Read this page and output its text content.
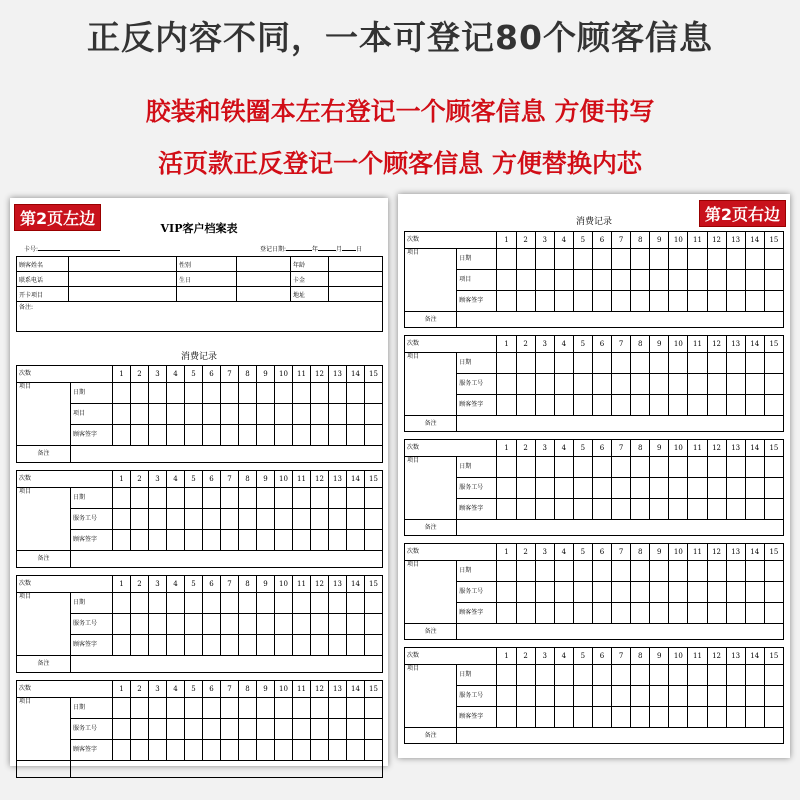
正反内容不同，一本可登记80个顾客信息
胶装和铁圈本左右登记一个顾客信息 方便书写
活页款正反登记一个顾客信息 方便替换内芯
第2页左边
VIP客户档案表
卡号:	登记日期:	年	月 日
顾客姓名		性别		年龄	
联系电话		生日		卡金	
开卡项目				地址	
备注:					
消费记录
次数		1	2	3	4	5	6	7	8	9	10	11	12	13	14	15
项目	日期															
	项目															
	顾客签字															
备注																
次数		1	2	3	4	5	6	7	8	9	10	11	12	13	14	15
项目	日期															
	服务工号															
	顾客签字															
备注																
次数		1	2	3	4	5	6	7	8	9	10	11	12	13	14	15
项目	日期															
	服务工号															
	顾客签字															
备注																
次数		1	2	3	4	5	6	7	8	9	10	11	12	13	14	15
项目	日期															
	服务工号															
	顾客签字															

第2页右边
消费记录
次数		1	2	3	4	5	6	7	8	9	10	11	12	13	14	15
项目	日期															
	项目															
	顾客签字															
备注																
次数		1	2	3	4	5	6	7	8	9	10	11	12	13	14	15
项目	日期															
	服务工号															
	顾客签字															
备注																
次数		1	2	3	4	5	6	7	8	9	10	11	12	13	14	15
项目	日期															
	服务工号															
	顾客签字															
备注																
次数		1	2	3	4	5	6	7	8	9	10	11	12	13	14	15
项目	日期															
	服务工号															
	顾客签字															
备注																
次数		1	2	3	4	5	6	7	8	9	10	11	12	13	14	15
项目	日期															
	服务工号															
	顾客签字															
备注																
